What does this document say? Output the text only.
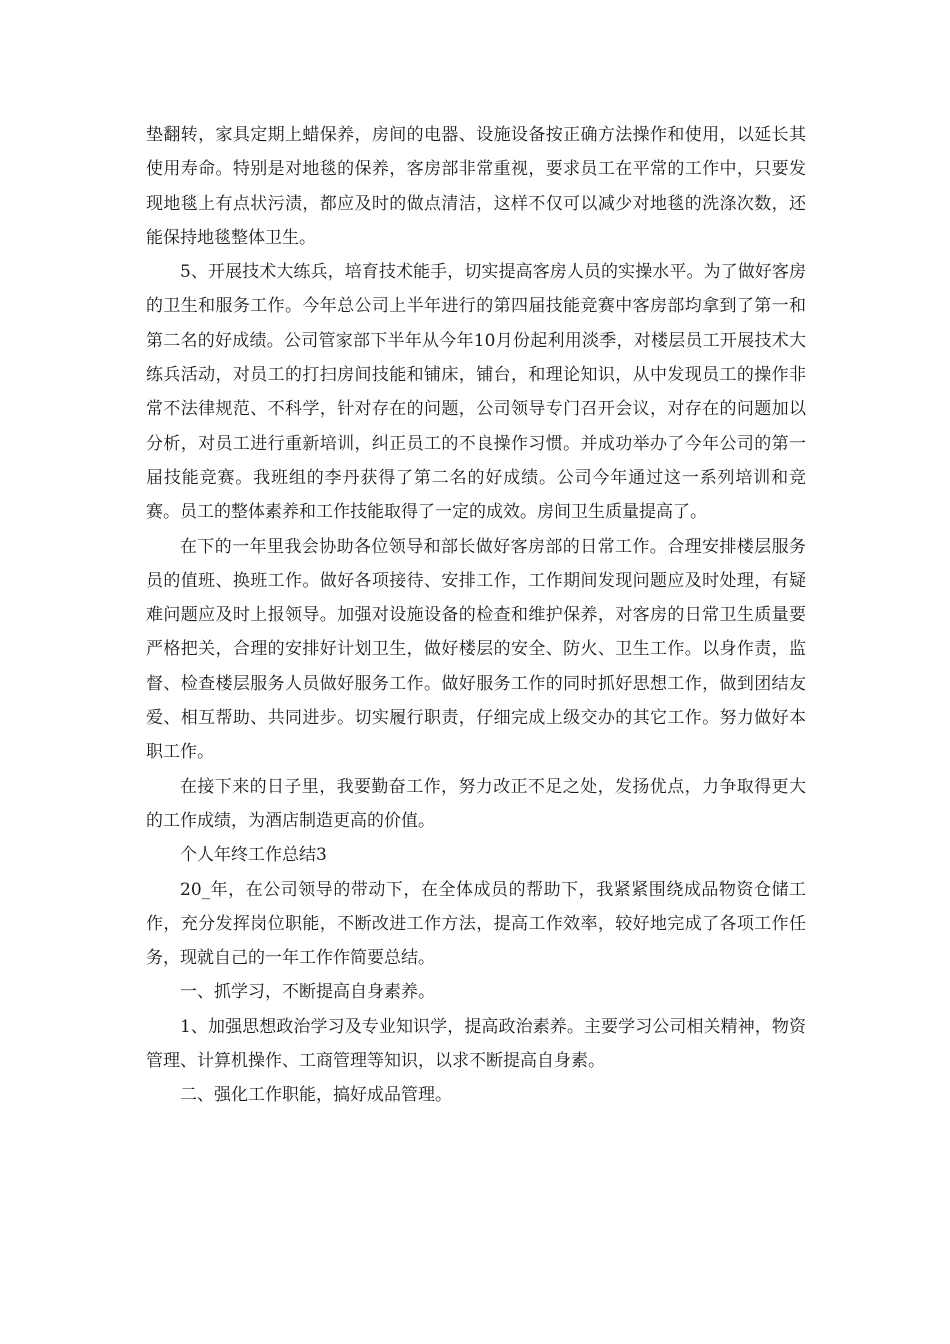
垫翻转，家具定期上蜡保养，房间的电器、设施设备按正确方法操作和使用，以延长其使用寿命。特别是对地毯的保养，客房部非常重视，要求员工在平常的工作中，只要发现地毯上有点状污渍，都应及时的做点清洁，这样不仅可以减少对地毯的洗涤次数，还能保持地毯整体卫生。

5、开展技术大练兵，培育技术能手，切实提高客房人员的实操水平。为了做好客房的卫生和服务工作。今年总公司上半年进行的第四届技能竞赛中客房部均拿到了第一和第二名的好成绩。公司管家部下半年从今年10月份起利用淡季，对楼层员工开展技术大练兵活动，对员工的打扫房间技能和铺床，铺台，和理论知识，从中发现员工的操作非常不法律规范、不科学，针对存在的问题，公司领导专门召开会议，对存在的问题加以分析，对员工进行重新培训，纠正员工的不良操作习惯。并成功举办了今年公司的第一届技能竞赛。我班组的李丹获得了第二名的好成绩。公司今年通过这一系列培训和竞赛。员工的整体素养和工作技能取得了一定的成效。房间卫生质量提高了。

在下的一年里我会协助各位领导和部长做好客房部的日常工作。合理安排楼层服务员的值班、换班工作。做好各项接待、安排工作，工作期间发现问题应及时处理，有疑难问题应及时上报领导。加强对设施设备的检查和维护保养，对客房的日常卫生质量要严格把关，合理的安排好计划卫生，做好楼层的安全、防火、卫生工作。以身作责，监督、检查楼层服务人员做好服务工作。做好服务工作的同时抓好思想工作，做到团结友爱、相互帮助、共同进步。切实履行职责，仔细完成上级交办的其它工作。努力做好本职工作。

在接下来的日子里，我要勤奋工作，努力改正不足之处，发扬优点，力争取得更大的工作成绩，为酒店制造更高的价值。

个人年终工作总结3

20_年，在公司领导的带动下，在全体成员的帮助下，我紧紧围绕成品物资仓储工作，充分发挥岗位职能，不断改进工作方法，提高工作效率，较好地完成了各项工作任务，现就自己的一年工作作简要总结。

一、抓学习，不断提高自身素养。

1、加强思想政治学习及专业知识学，提高政治素养。主要学习公司相关精神，物资管理、计算机操作、工商管理等知识，以求不断提高自身素。

二、强化工作职能，搞好成品管理。
